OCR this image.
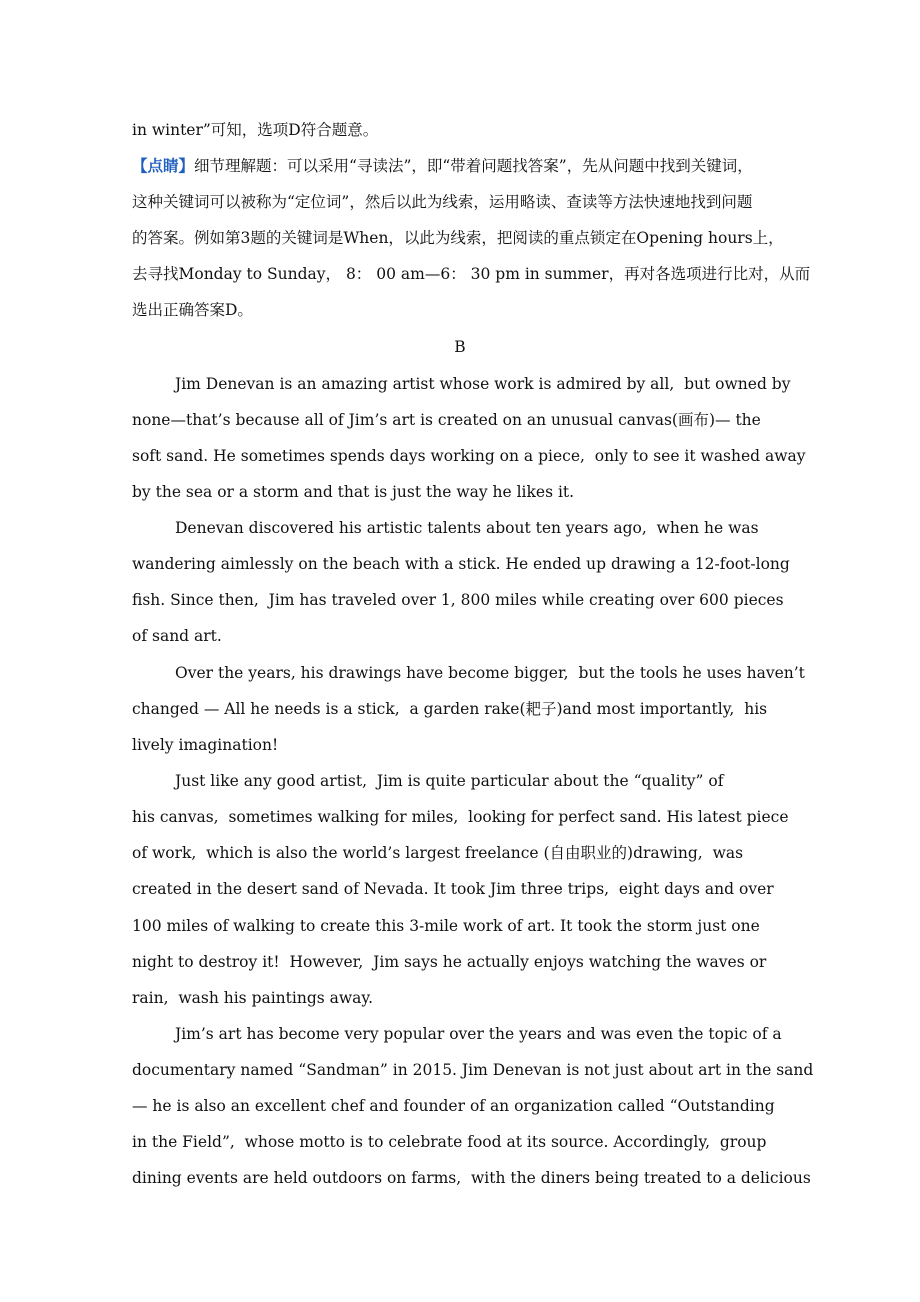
in winter”可知，选项D符合题意。
【点睛】细节理解题：可以采用“寻读法”，即“带着问题找答案”，先从问题中找到关键词，
这种关键词可以被称为“定位词”，然后以此为线索，运用略读、查读等方法快速地找到问题
的答案。例如第3题的关键词是When，以此为线索，把阅读的重点锁定在Opening hours上，
去寻找Monday to Sunday， 8： 00 am—6： 30 pm in summer，再对各选项进行比对，从而
选出正确答案D。
B
Jim Denevan is an amazing artist whose work is admired by all,  but owned by
none—that’s because all of Jim’s art is created on an unusual canvas(画布)— the
soft sand. He sometimes spends days working on a piece,  only to see it washed away
by the sea or a storm and that is just the way he likes it.
Denevan discovered his artistic talents about ten years ago,  when he was
wandering aimlessly on the beach with a stick. He ended up drawing a 12-foot-long
fish. Since then,  Jim has traveled over 1, 800 miles while creating over 600 pieces
of sand art.
Over the years, his drawings have become bigger,  but the tools he uses haven’t
changed — All he needs is a stick,  a garden rake(耙子)and most importantly,  his
lively imagination!
Just like any good artist,  Jim is quite particular about the “quality” of
his canvas,  sometimes walking for miles,  looking for perfect sand. His latest piece
of work,  which is also the world’s largest freelance (自由职业的)drawing,  was
created in the desert sand of Nevada. It took Jim three trips,  eight days and over
100 miles of walking to create this 3-mile work of art. It took the storm just one
night to destroy it!  However,  Jim says he actually enjoys watching the waves or
rain,  wash his paintings away.
Jim’s art has become very popular over the years and was even the topic of a
documentary named “Sandman” in 2015. Jim Denevan is not just about art in the sand
— he is also an excellent chef and founder of an organization called “Outstanding
in the Field”,  whose motto is to celebrate food at its source. Accordingly,  group
dining events are held outdoors on farms,  with the diners being treated to a delicious
